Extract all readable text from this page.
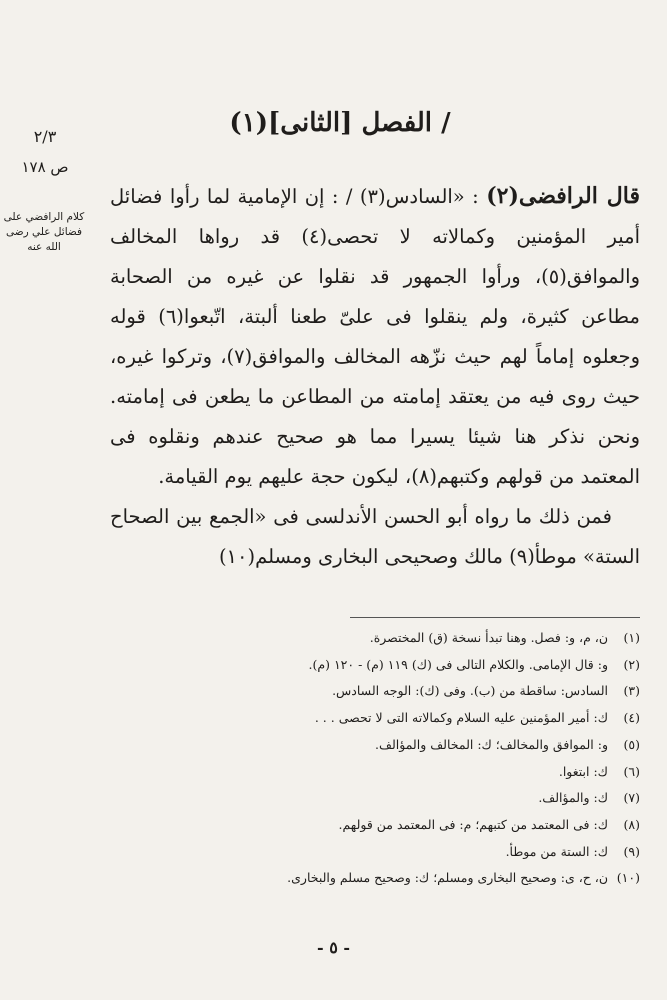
٢/٣
ص ١٧٨
كلام الرافضي على فضائل علي رضى الله عنه
/ الفصل [الثانى](١)

قال الرافضى(٢) : «السادس(٣) / : إن الإمامية لما رأوا فضائل أمير المؤمنين وكمالاته لا تحصى(٤) قد رواها المخالف والموافق(٥)، ورأوا الجمهور قد نقلوا عن غيره من الصحابة مطاعن كثيرة، ولم ينقلوا فى علىّ طعنا ألبتة، اتّبعوا(٦) قوله وجعلوه إماماً لهم حيث نزّهه المخالف والموافق(٧)، وتركوا غيره، حيث روى فيه من يعتقد إمامته من المطاعن ما يطعن فى إمامته. ونحن نذكر هنا شيئا يسيرا مما هو صحيح عندهم ونقلوه فى المعتمد من قولهم وكتبهم(٨)، ليكون حجة عليهم يوم القيامة.

فمن ذلك ما رواه أبو الحسن الأندلسى فى «الجمع بين الصحاح الستة» موطأ(٩) مالك وصحيحى البخارى ومسلم(١٠)

(١)
ن، م، و: فصل. وهنا تبدأ نسخة (ق) المختصرة.
(٢)
و: قال الإمامى. والكلام التالى فى (ك) ١١٩ (م) - ١٢٠ (م).
(٣)
السادس: ساقطة من (ب). وفى (ك): الوجه السادس.
(٤)
ك: أمير المؤمنين عليه السلام وكمالاته التى لا تحصى . . .
(٥)
و: الموافق والمخالف؛ ك: المخالف والمؤالف.
(٦)
ك: ابتغوا.
(٧)
ك: والمؤالف.
(٨)
ك: فى المعتمد من كتبهم؛ م: فى المعتمد من قولهم.
(٩)
ك: الستة من موطأ.
(١٠)
ن، ح، ى: وصحيح البخارى ومسلم؛ ك: وصحيح مسلم والبخارى.
- ٥ -
